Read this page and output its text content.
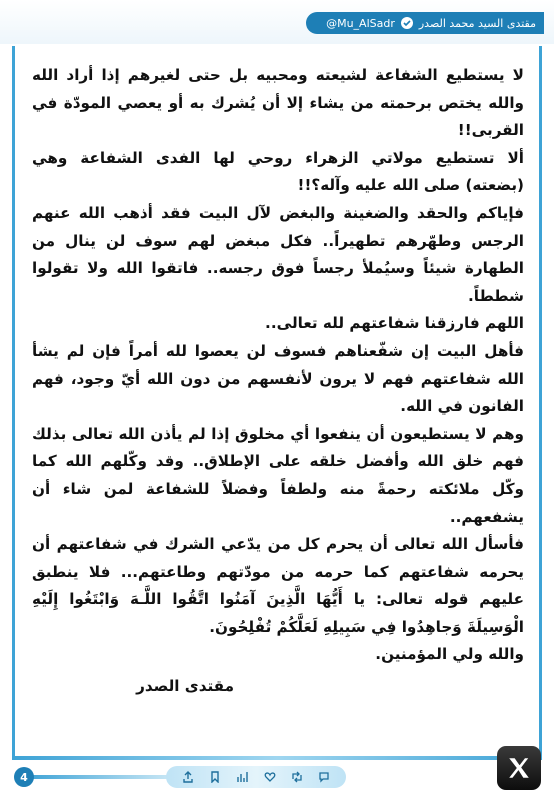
@Mu_AlSadr مقتدى السيد محمد الصدر

لا يستطيع الشفاعة لشيعته ومحبيه بل حتى لغيرهم إذا أراد الله والله يختص برحمته من يشاء إلا أن يُشرك به أو يعصي المودّة في القربى!!

ألا تستطيع مولاتي الزهراء روحي لها الفدى الشفاعة وهي (بضعته) صلى الله عليه وآله؟!!

فإياكم والحقد والضغينة والبغض لآل البيت فقد أذهب الله عنهم الرجس وطهّرهم تطهيراً.. فكل مبغض لهم سوف لن ينال من الطهارة شيئاً وسيُملأ رجساً فوق رجسه.. فاتقوا الله ولا تقولوا شططاً.

اللهم فارزقنا شفاعتهم لله تعالى..

فأهل البيت إن شفّعناهم فسوف لن يعصوا لله أمراً فإن لم يشأ الله شفاعتهم فهم لا يرون لأنفسهم من دون الله أيّ وجود، فهم الفانون في الله.

وهم لا يستطيعون أن ينفعوا أي مخلوق إذا لم يأذن الله تعالى بذلك فهم خلق الله وأفضل خلقه على الإطلاق.. وقد وكّلهم الله كما وكّل ملائكته رحمةً منه ولطفاً وفضلاً للشفاعة لمن شاء أن يشفعهم..

فأسأل الله تعالى أن يحرم كل من يدّعي الشرك في شفاعتهم أن يحرمه شفاعتهم كما حرمه من مودّتهم وطاعتهم... فلا ينطبق عليهم قوله تعالى: يا أَيُّهَا الَّذِينَ آمَنُوا اتَّقُوا اللَّـهَ وَابْتَغُوا إِلَيْهِ الْوَسِيلَةَ وَجاهِدُوا فِي سَبِيلِهِ لَعَلَّكُمْ تُفْلِحُونَ.

والله ولي المؤمنين.

مقتدى الصدر

4
